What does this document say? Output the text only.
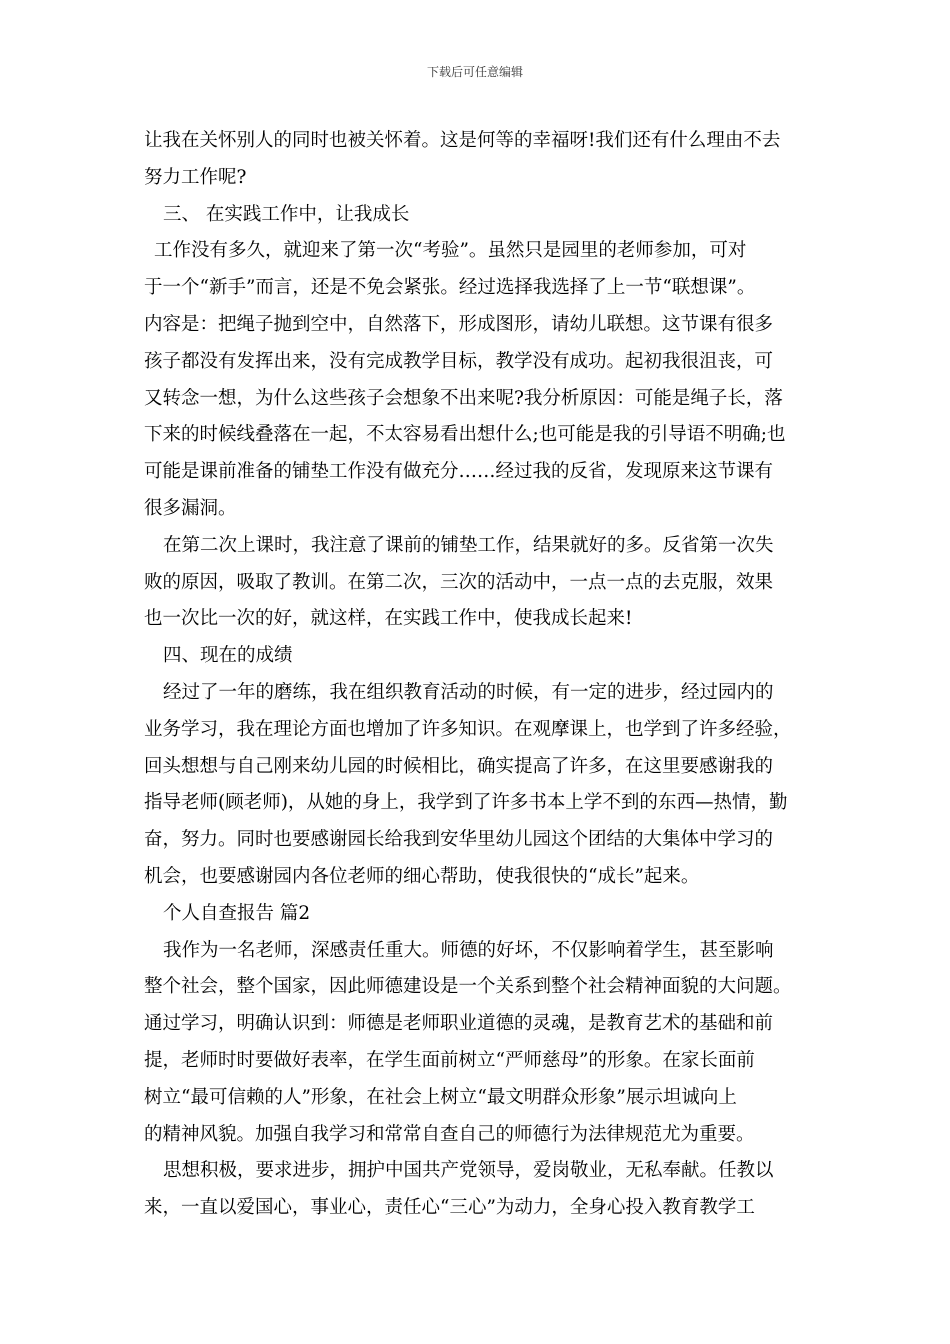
下载后可任意编辑
让我在关怀别人的同时也被关怀着。这是何等的幸福呀!我们还有什么理由不去
努力工作呢?
三、 在实践工作中，让我成长
工作没有多久，就迎来了第一次“考验”。虽然只是园里的老师参加，可对
于一个“新手”而言，还是不免会紧张。经过选择我选择了上一节“联想课”。
内容是：把绳子抛到空中，自然落下，形成图形，请幼儿联想。这节课有很多
孩子都没有发挥出来，没有完成教学目标，教学没有成功。起初我很沮丧，可
又转念一想，为什么这些孩子会想象不出来呢?我分析原因：可能是绳子长，落
下来的时候线叠落在一起，不太容易看出想什么;也可能是我的引导语不明确;也
可能是课前准备的铺垫工作没有做充分……经过我的反省，发现原来这节课有
很多漏洞。
在第二次上课时，我注意了课前的铺垫工作，结果就好的多。反省第一次失
败的原因，吸取了教训。在第二次，三次的活动中，一点一点的去克服，效果
也一次比一次的好，就这样，在实践工作中，使我成长起来!
四、现在的成绩
经过了一年的磨练，我在组织教育活动的时候，有一定的进步，经过园内的
业务学习，我在理论方面也增加了许多知识。在观摩课上，也学到了许多经验，
回头想想与自己刚来幼儿园的时候相比，确实提高了许多，在这里要感谢我的
指导老师(顾老师)，从她的身上，我学到了许多书本上学不到的东西—热情，勤
奋，努力。同时也要感谢园长给我到安华里幼儿园这个团结的大集体中学习的
机会，也要感谢园内各位老师的细心帮助，使我很快的“成长”起来。
个人自查报告 篇2
我作为一名老师，深感责任重大。师德的好坏，不仅影响着学生，甚至影响
整个社会，整个国家，因此师德建设是一个关系到整个社会精神面貌的大问题。
通过学习，明确认识到：师德是老师职业道德的灵魂，是教育艺术的基础和前
提，老师时时要做好表率，在学生面前树立“严师慈母”的形象。在家长面前
树立“最可信赖的人”形象，在社会上树立“最文明群众形象”展示坦诚向上
的精神风貌。加强自我学习和常常自查自己的师德行为法律规范尤为重要。
思想积极，要求进步，拥护中国共产党领导，爱岗敬业，无私奉献。任教以
来，一直以爱国心，事业心，责任心“三心”为动力，全身心投入教育教学工
